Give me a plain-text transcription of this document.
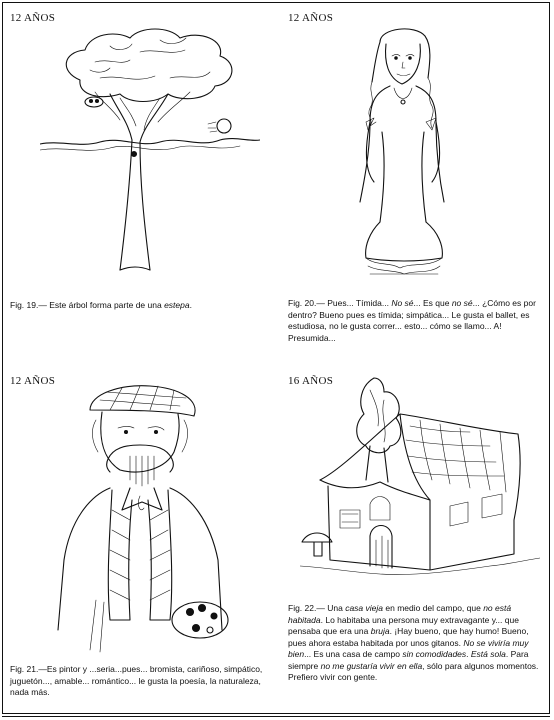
12 AÑOS
Fig. 19.— Este árbol forma parte de una estepa.
12 AÑOS
Fig. 20.— Pues... Tímida... No sé... Es que no sé... ¿Cómo es por dentro? Bueno pues es tímida; simpática... Le gusta el ballet, es estudiosa, no le gusta correr... esto... cómo se llamo... A! Presumida...
12 AÑOS
Fig. 21.—Es pintor y ...seria...pues... bromista, cariñoso, simpático, juguetón..., amable... romántico... le gusta la poesía, la naturaleza, nada más.
16 AÑOS
Fig. 22.— Una casa vieja en medio del campo, que no está habitada. Lo habitaba una persona muy extravagante y... que pensaba que era una bruja. ¡Hay bueno, que hay humo! Bueno, pues ahora estaba habitada por unos gitanos. No se viviría muy bien... Es una casa de campo sin comodidades. Está sola. Para siempre no me gustaría vivir en ella, sólo para algunos momentos. Prefiero vivir con gente.
